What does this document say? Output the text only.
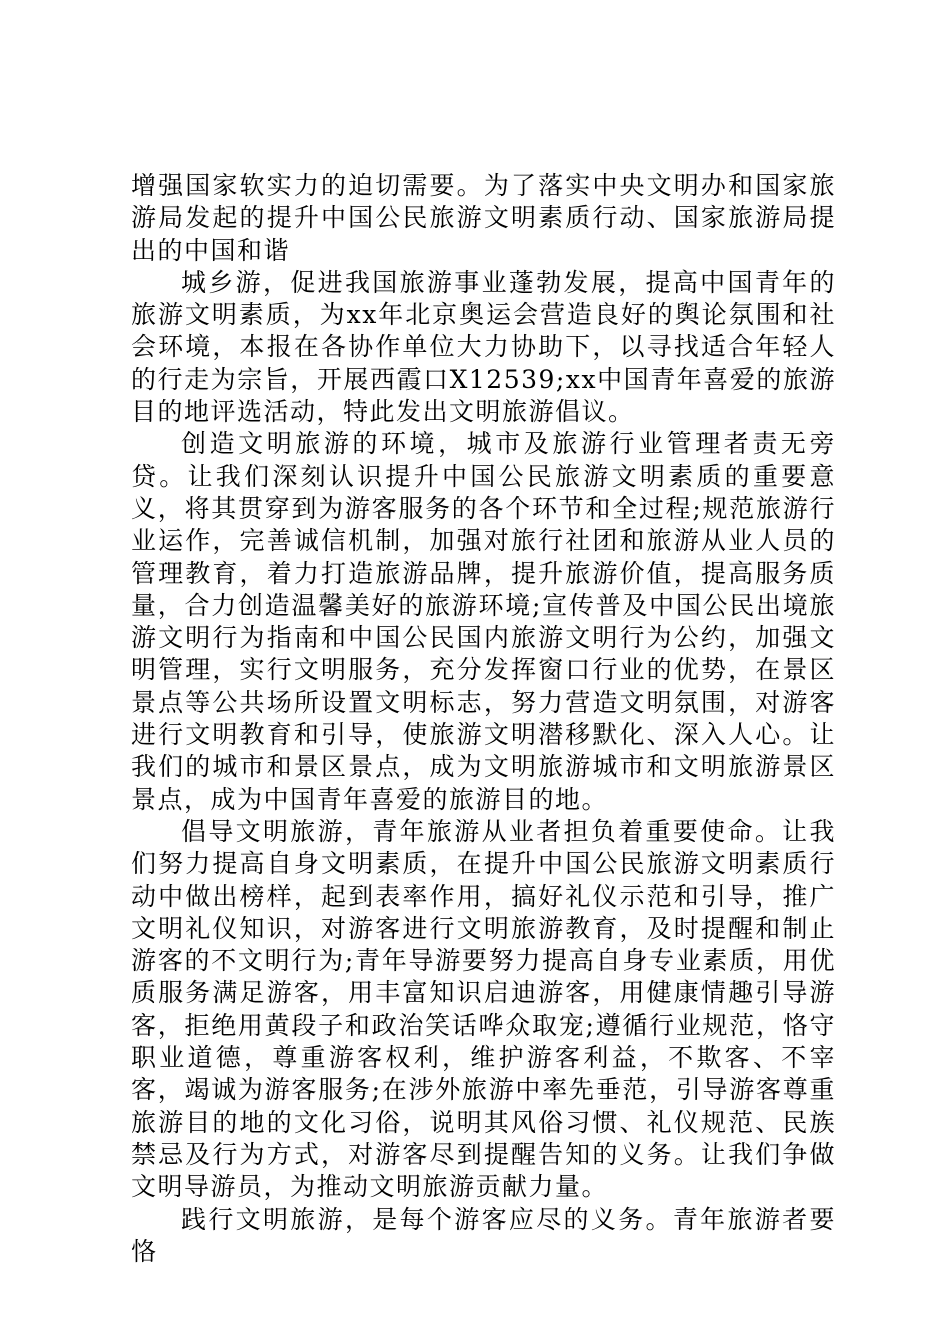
增强国家软实力的迫切需要。为了落实中央文明办和国家旅游局发起的提升中国公民旅游文明素质行动、国家旅游局提出的中国和谐

城乡游，促进我国旅游事业蓬勃发展，提高中国青年的旅游文明素质，为xx年北京奥运会营造良好的舆论氛围和社会环境，本报在各协作单位大力协助下，以寻找适合年轻人的行走为宗旨，开展西霞口X12539;xx中国青年喜爱的旅游目的地评选活动，特此发出文明旅游倡议。

创造文明旅游的环境，城市及旅游行业管理者责无旁贷。让我们深刻认识提升中国公民旅游文明素质的重要意义，将其贯穿到为游客服务的各个环节和全过程;规范旅游行业运作，完善诚信机制，加强对旅行社团和旅游从业人员的管理教育，着力打造旅游品牌，提升旅游价值，提高服务质量，合力创造温馨美好的旅游环境;宣传普及中国公民出境旅游文明行为指南和中国公民国内旅游文明行为公约，加强文明管理，实行文明服务，充分发挥窗口行业的优势，在景区景点等公共场所设置文明标志，努力营造文明氛围，对游客进行文明教育和引导，使旅游文明潜移默化、深入人心。让我们的城市和景区景点，成为文明旅游城市和文明旅游景区景点，成为中国青年喜爱的旅游目的地。

倡导文明旅游，青年旅游从业者担负着重要使命。让我们努力提高自身文明素质，在提升中国公民旅游文明素质行动中做出榜样，起到表率作用，搞好礼仪示范和引导，推广文明礼仪知识，对游客进行文明旅游教育，及时提醒和制止游客的不文明行为;青年导游要努力提高自身专业素质，用优质服务满足游客，用丰富知识启迪游客，用健康情趣引导游客，拒绝用黄段子和政治笑话哗众取宠;遵循行业规范，恪守职业道德，尊重游客权利，维护游客利益，不欺客、不宰客，竭诚为游客服务;在涉外旅游中率先垂范，引导游客尊重旅游目的地的文化习俗，说明其风俗习惯、礼仪规范、民族禁忌及行为方式，对游客尽到提醒告知的义务。让我们争做文明导游员，为推动文明旅游贡献力量。

践行文明旅游，是每个游客应尽的义务。青年旅游者要恪
